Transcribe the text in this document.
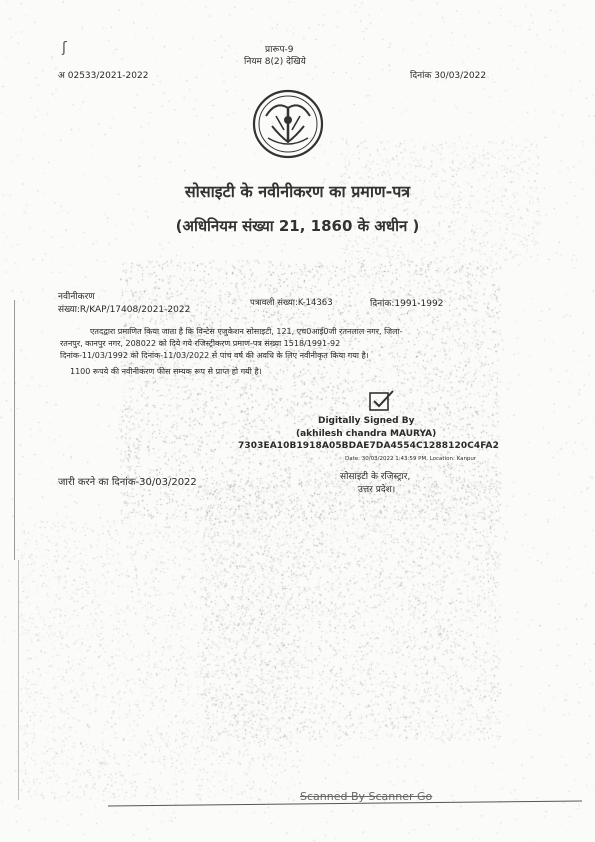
ʃ	प्रारूप-9
नियम 8(2) देखिये
अ 02533/2021-2022	दिनांक 30/03/2022
सोसाइटी के नवीनीकरण का प्रमाण-पत्र
(अधिनियम संख्या 21, 1860 के अधीन )
नवीनीकरण
संख्या:R/KAP/17408/2021-2022
पत्रावली संख्या:K-14363	दिनांक:1991-1992
एतदद्वारा प्रमाणित किया जाता है कि विन्टेस एजुकेशन सोसाइटी, 121, एच0आई0जी रतनलाल नगर, जिला-
रतनपुर, कानपुर नगर, 208022 को दिये गये रजिस्ट्रीकरण प्रमाण-पत्र संख्या 1518/1991-92
दिनांक-11/03/1992 को दिनांक-11/03/2022 से पांच वर्ष की अवधि के लिए नवीनीकृत किया गया है।
1100 रूपये की नवीनीकरण फीस सम्यक रूप से प्राप्त हो गयी है।
Digitally Signed By
(akhilesh chandra MAURYA)
7303EA10B1918A05BDAE7DA4554C1288120C4FA2
Date: 30/03/2022 1:43:59 PM, Location: Kanpur
जारी करने का दिनांक-30/03/2022	सोसाइटी के रजिस्ट्रार,
उत्तर प्रदेश।
Scanned By Scanner Go
